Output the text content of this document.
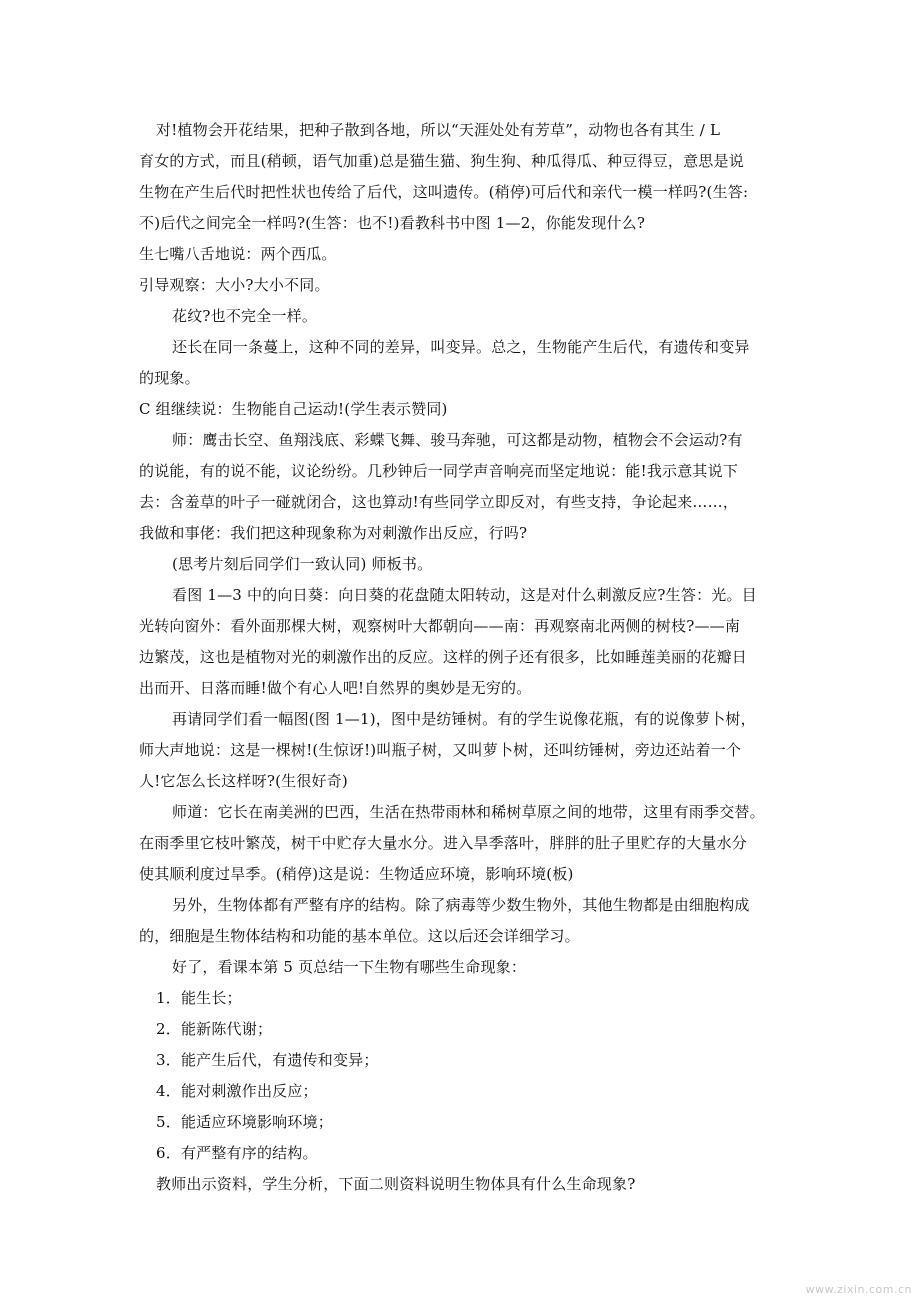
对!植物会开花结果，把种子散到各地，所以“天涯处处有芳草”，动物也各有其生 / L
育女的方式，而且(稍顿，语气加重)总是猫生猫、狗生狗、种瓜得瓜、种豆得豆，意思是说
生物在产生后代时把性状也传给了后代，这叫遗传。(稍停)可后代和亲代一模一样吗?(生答:
不)后代之间完全一样吗?(生答：也不!)看教科书中图 1—2，你能发现什么?
生七嘴八舌地说：两个西瓜。
引导观察：大小?大小不同。
花纹?也不完全一样。
还长在同一条蔓上，这种不同的差异，叫变异。总之，生物能产生后代，有遗传和变异
的现象。
C 组继续说：生物能自己运动!(学生表示赞同)
师：鹰击长空、鱼翔浅底、彩蝶飞舞、骏马奔驰，可这都是动物，植物会不会运动?有
的说能，有的说不能，议论纷纷。几秒钟后一同学声音响亮而坚定地说：能!我示意其说下
去：含羞草的叶子一碰就闭合，这也算动!有些同学立即反对，有些支持，争论起来……，
我做和事佬：我们把这种现象称为对刺激作出反应，行吗?
(思考片刻后同学们一致认同) 师板书。
看图 1—3 中的向日葵：向日葵的花盘随太阳转动，这是对什么刺激反应?生答：光。目
光转向窗外：看外面那棵大树，观察树叶大都朝向——南：再观察南北两侧的树枝?——南
边繁茂，这也是植物对光的刺激作出的反应。这样的例子还有很多，比如睡莲美丽的花瓣日
出而开、日落而睡!做个有心人吧!自然界的奥妙是无穷的。
再请同学们看一幅图(图 1—1)，图中是纺锤树。有的学生说像花瓶，有的说像萝卜树，
师大声地说：这是一棵树!(生惊讶!)叫瓶子树，又叫萝卜树，还叫纺锤树，旁边还站着一个
人!它怎么长这样呀?(生很好奇)
师道：它长在南美洲的巴西，生活在热带雨林和稀树草原之间的地带，这里有雨季交替。
在雨季里它枝叶繁茂，树干中贮存大量水分。进入旱季落叶，胖胖的肚子里贮存的大量水分
使其顺利度过旱季。(稍停)这是说：生物适应环境，影响环境(板)
另外，生物体都有严整有序的结构。除了病毒等少数生物外，其他生物都是由细胞构成
的，细胞是生物体结构和功能的基本单位。这以后还会详细学习。
好了，看课本第 5 页总结一下生物有哪些生命现象：
1．能生长；
2．能新陈代谢；
3．能产生后代，有遗传和变异；
4．能对刺激作出反应；
5．能适应环境影响环境；
6．有严整有序的结构。
教师出示资料，学生分析，下面二则资料说明生物体具有什么生命现象?
www.zixin.com.cn
